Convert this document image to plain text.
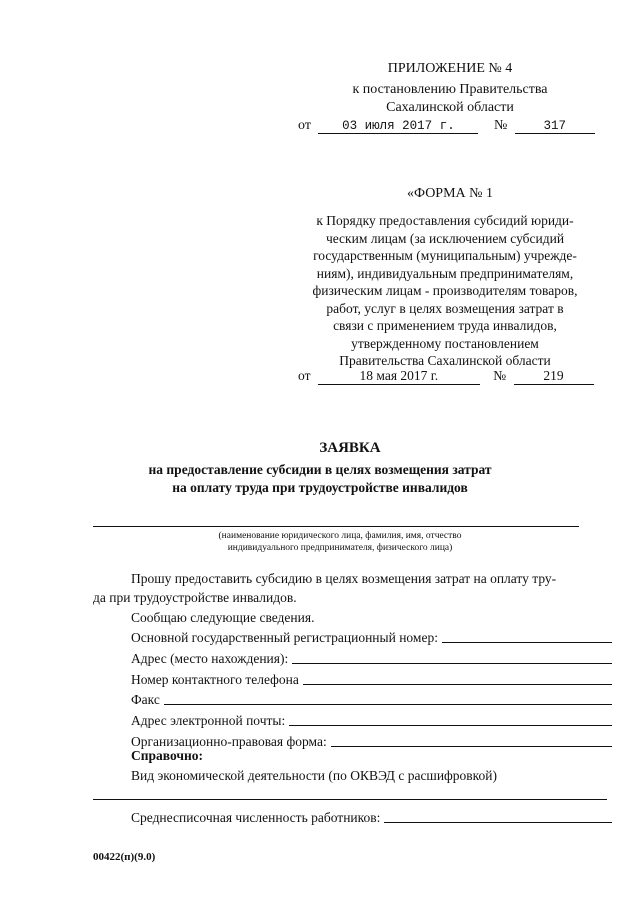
ПРИЛОЖЕНИЕ № 4
к постановлению Правительства
Сахалинской области
от 03 июля 2017 г.	№	317
«ФОРМА № 1
к Порядку предоставления субсидий юриди-
ческим лицам (за исключением субсидий
государственным (муниципальным) учрежде-
ниям), индивидуальным предпринимателям,
физическим лицам - производителям товаров,
работ, услуг в целях возмещения затрат в
связи с применением труда инвалидов,
утвержденному постановлением
Правительства Сахалинской области
от	18 мая 2017 г.	№	219
ЗАЯВКА
на предоставление субсидии в целях возмещения затрат
на оплату труда при трудоустройстве инвалидов
(наименование юридического лица, фамилия, имя, отчество
индивидуального предпринимателя, физического лица)
Прошу предоставить субсидию в целях возмещения затрат на оплату тру-
да при трудоустройстве инвалидов.
Сообщаю следующие сведения.
Основной государственный регистрационный номер:
Адрес (место нахождения):
Номер контактного телефона
Факс
Адрес электронной почты:
Организационно-правовая форма:
Справочно:
Вид экономической деятельности (по ОКВЭД с расшифровкой)
Среднесписочная численность работников:
00422(п)(9.0)
